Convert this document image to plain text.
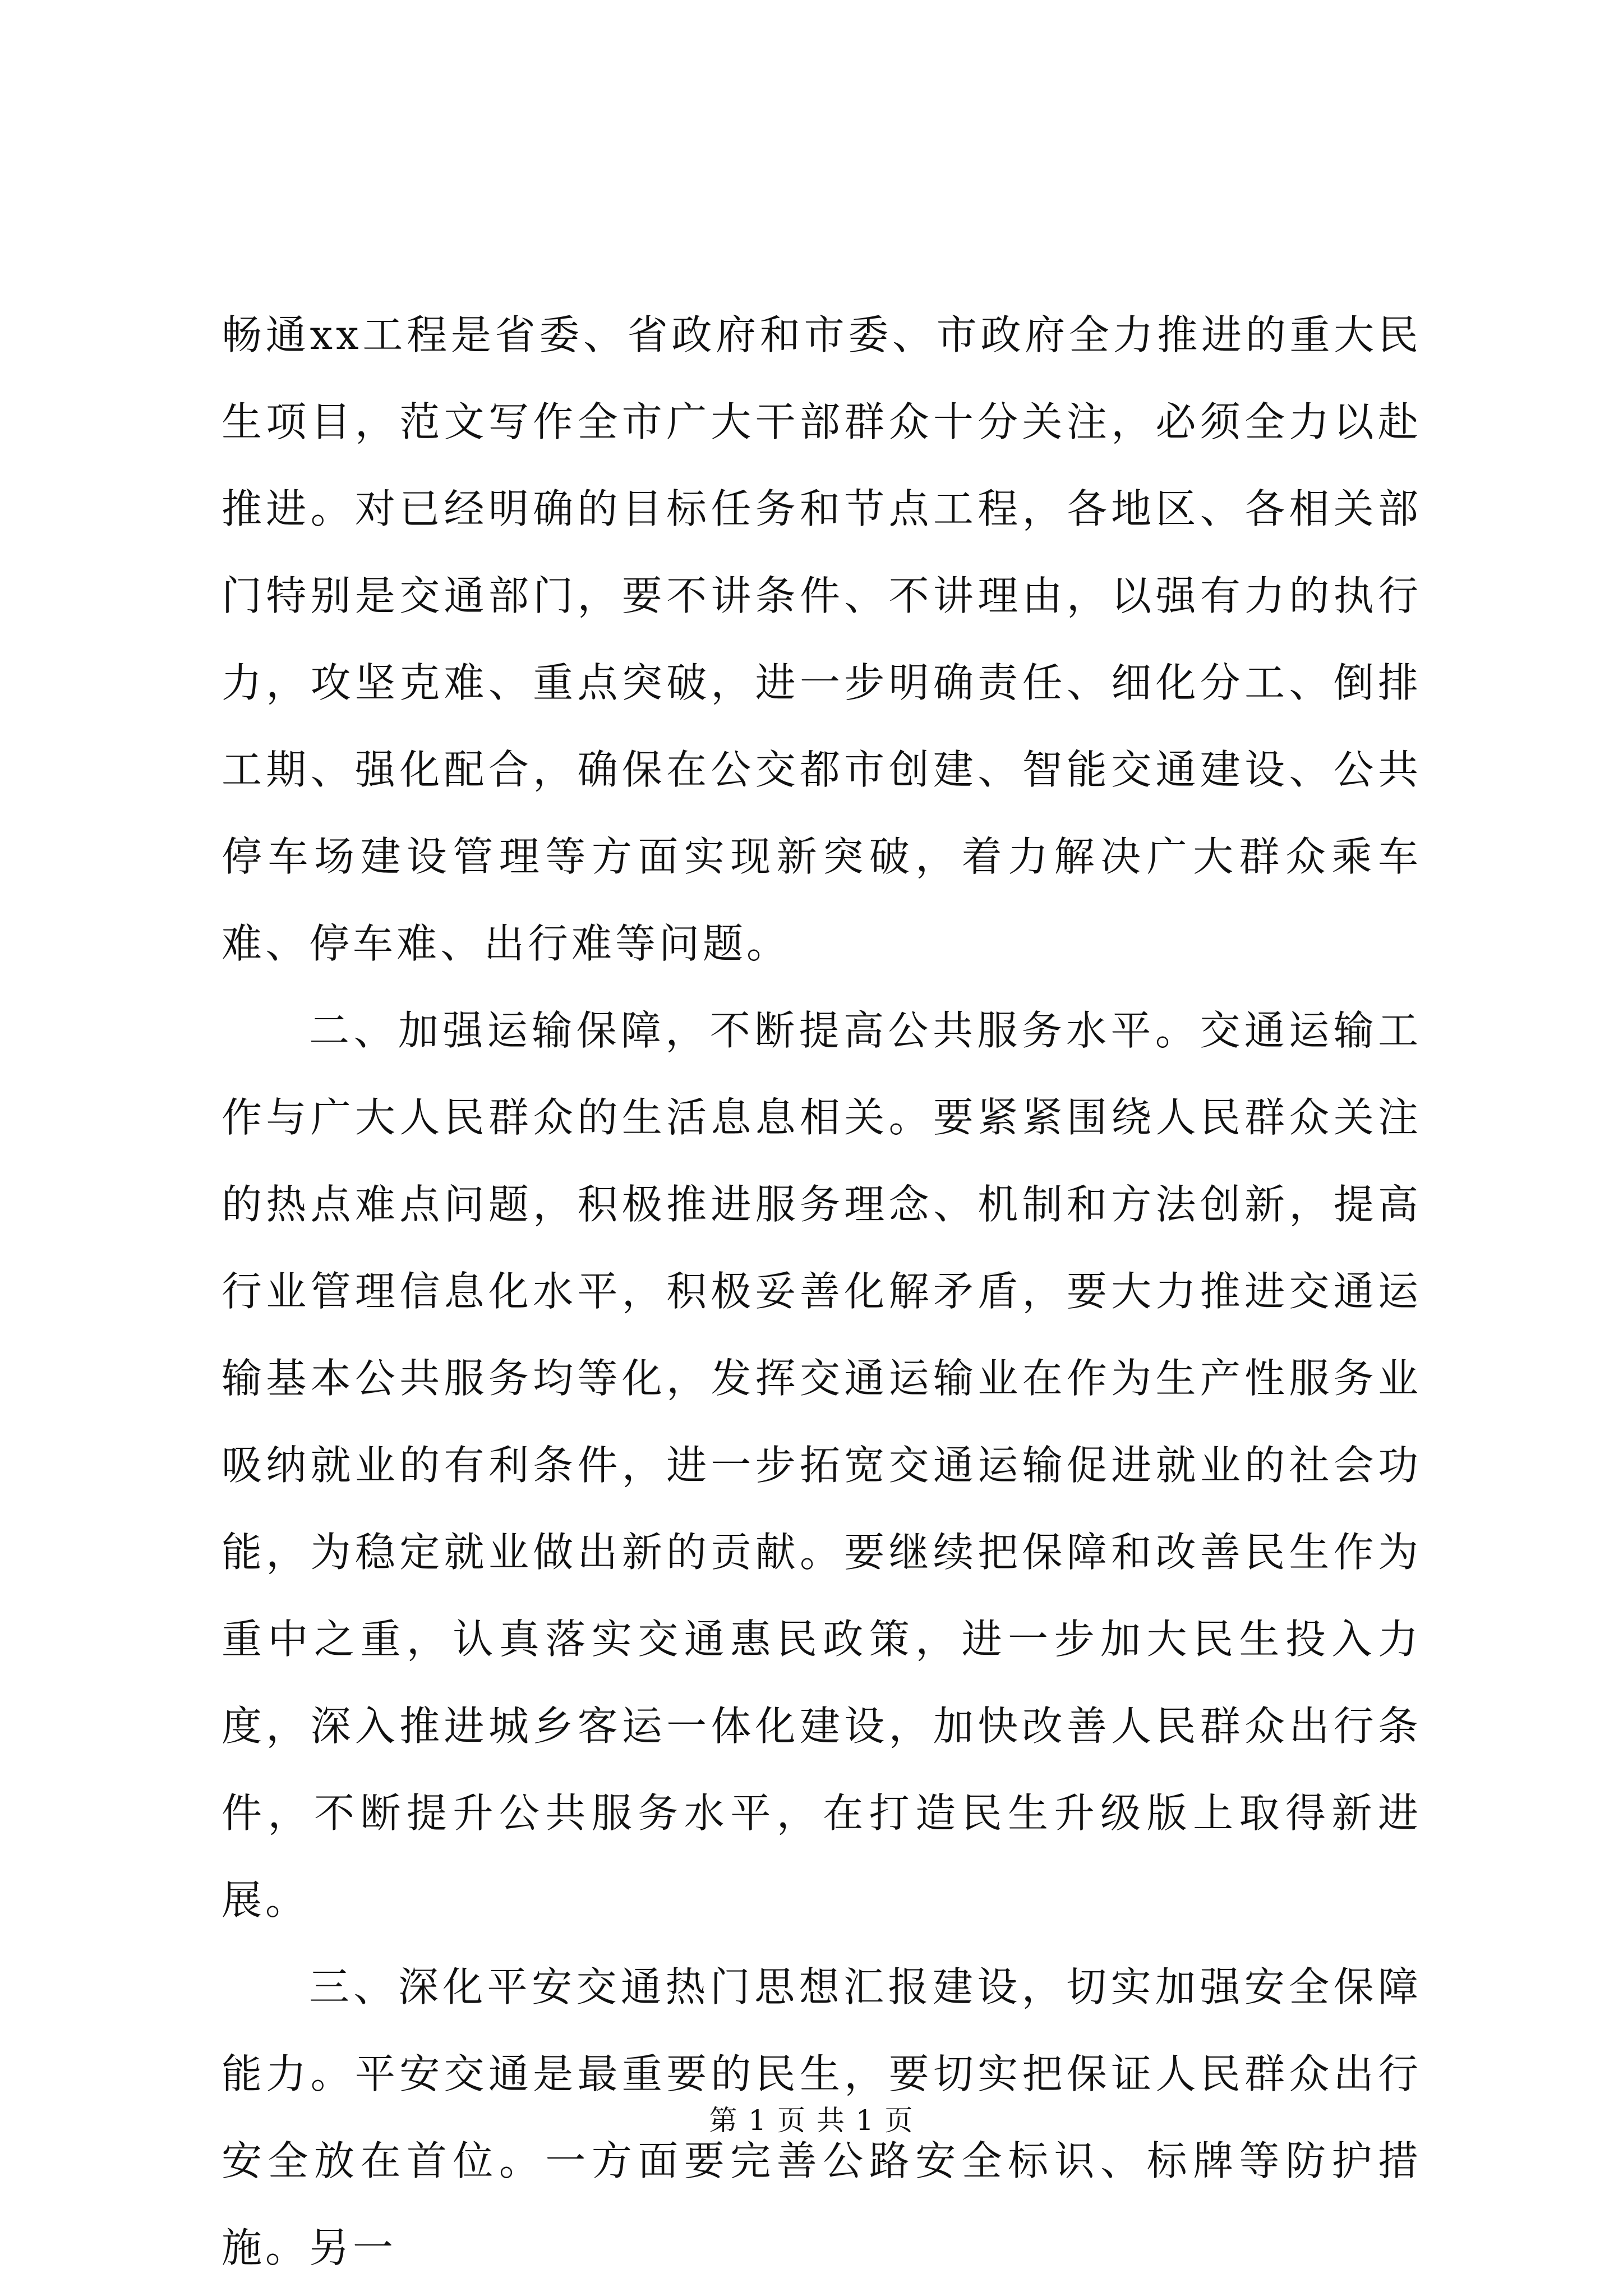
畅通xx工程是省委、省政府和市委、市政府全力推进的重大民生项目，范文写作全市广大干部群众十分关注，必须全力以赴推进。对已经明确的目标任务和节点工程，各地区、各相关部门特别是交通部门，要不讲条件、不讲理由，以强有力的执行力，攻坚克难、重点突破，进一步明确责任、细化分工、倒排工期、强化配合，确保在公交都市创建、智能交通建设、公共停车场建设管理等方面实现新突破，着力解决广大群众乘车难、停车难、出行难等问题。

二、加强运输保障，不断提高公共服务水平。交通运输工作与广大人民群众的生活息息相关。要紧紧围绕人民群众关注的热点难点问题，积极推进服务理念、机制和方法创新，提高行业管理信息化水平，积极妥善化解矛盾，要大力推进交通运输基本公共服务均等化，发挥交通运输业在作为生产性服务业吸纳就业的有利条件，进一步拓宽交通运输促进就业的社会功能，为稳定就业做出新的贡献。要继续把保障和改善民生作为重中之重，认真落实交通惠民政策，进一步加大民生投入力度，深入推进城乡客运一体化建设，加快改善人民群众出行条件，不断提升公共服务水平，在打造民生升级版上取得新进展。

三、深化平安交通热门思想汇报建设，切实加强安全保障能力。平安交通是最重要的民生，要切实把保证人民群众出行安全放在首位。一方面要完善公路安全标识、标牌等防护措施。另一

第 1 页 共 1 页
